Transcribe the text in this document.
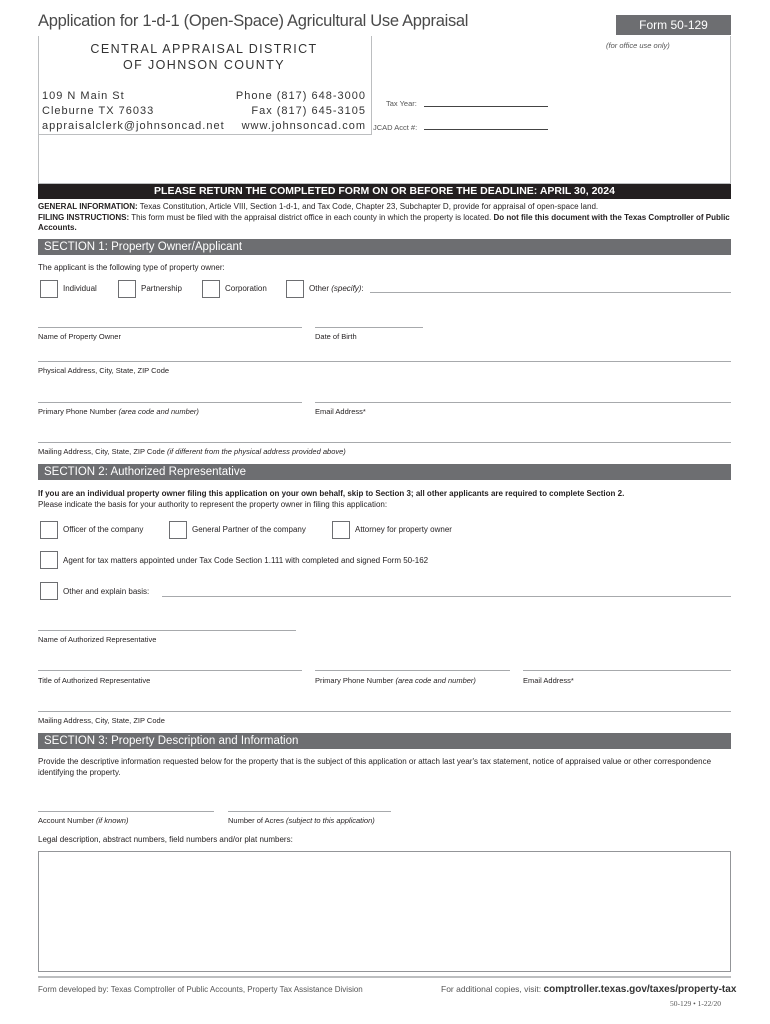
Application for 1-d-1 (Open-Space) Agricultural Use Appraisal	Form 50-129
(for office use only)
CENTRAL APPRAISAL DISTRICT
OF JOHNSON COUNTY
109 N Main St
Cleburne TX 76033
appraisalclerk@johnsoncad.net
Phone (817) 648-3000
Fax (817) 645-3105
www.johnsoncad.com
Tax Year:
JCAD Acct #:
PLEASE RETURN THE COMPLETED FORM ON OR BEFORE THE DEADLINE: APRIL 30, 2024
GENERAL INFORMATION: Texas Constitution, Article VIII, Section 1-d-1, and Tax Code, Chapter 23, Subchapter D, provide for appraisal of open-space land.
FILING INSTRUCTIONS: This form must be filed with the appraisal district office in each county in which the property is located. Do not file this document with the Texas Comptroller of Public Accounts.
SECTION 1: Property Owner/Applicant
The applicant is the following type of property owner:
Individual	Partnership	Corporation	Other (specify):
Name of Property Owner	Date of Birth
Physical Address, City, State, ZIP Code
Primary Phone Number (area code and number)	Email Address*
Mailing Address, City, State, ZIP Code (if different from the physical address provided above)
SECTION 2: Authorized Representative
If you are an individual property owner filing this application on your own behalf, skip to Section 3; all other applicants are required to complete Section 2.
Please indicate the basis for your authority to represent the property owner in filing this application:
Officer of the company	General Partner of the company	Attorney for property owner
Agent for tax matters appointed under Tax Code Section 1.111 with completed and signed Form 50-162
Other and explain basis:
Name of Authorized Representative
Title of Authorized Representative	Primary Phone Number (area code and number)	Email Address*
Mailing Address, City, State, ZIP Code
SECTION 3: Property Description and Information
Provide the descriptive information requested below for the property that is the subject of this application or attach last year's tax statement, notice of appraised value or other correspondence identifying the property.
Account Number (if known)	Number of Acres (subject to this application)
Legal description, abstract numbers, field numbers and/or plat numbers:
Form developed by: Texas Comptroller of Public Accounts, Property Tax Assistance Division	For additional copies, visit: comptroller.texas.gov/taxes/property-tax
50-129 • 1-22/20
